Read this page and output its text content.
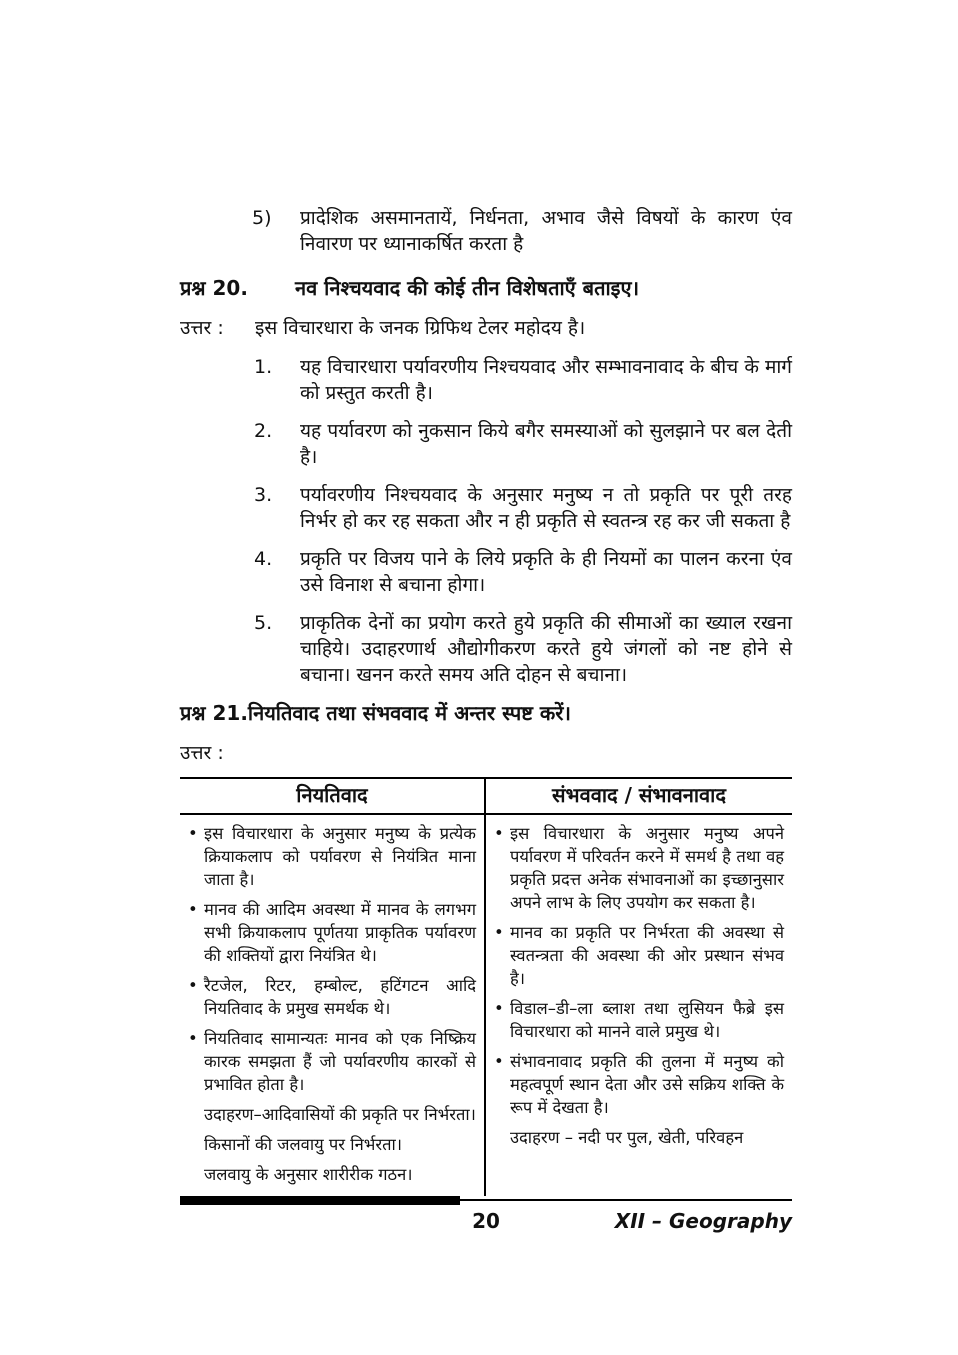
5) प्रादेशिक असमानतायें, निर्धनता, अभाव जैसे विषयों के कारण एंव निवारण पर ध्यानाकर्षित करता है
प्रश्न 20. नव निश्चयवाद की कोई तीन विशेषताएँ बताइए।
उत्तर : इस विचारधारा के जनक ग्रिफिथ टेलर महोदय है।
1. यह विचारधारा पर्यावरणीय निश्चयवाद और सम्भावनावाद के बीच के मार्ग को प्रस्तुत करती है।
2. यह पर्यावरण को नुकसान किये बगैर समस्याओं को सुलझाने पर बल देती है।
3. पर्यावरणीय निश्चयवाद के अनुसार मनुष्य न तो प्रकृति पर पूरी तरह निर्भर हो कर रह सकता और न ही प्रकृति से स्वतन्त्र रह कर जी सकता है
4. प्रकृति पर विजय पाने के लिये प्रकृति के ही नियमों का पालन करना एंव उसे विनाश से बचाना होगा।
5. प्राकृतिक देनों का प्रयोग करते हुये प्रकृति की सीमाओं का ख्याल रखना चाहिये। उदाहरणार्थ औद्योगीकरण करते हुये जंगलों को नष्ट होने से बचाना। खनन करते समय अति दोहन से बचाना।
प्रश्न 21.नियतिवाद तथा संभववाद में अन्तर स्पष्ट करें।
उत्तर :
नियतिवाद	संभववाद / संभावनावाद
• इस विचारधारा के अनुसार मनुष्य के प्रत्येक क्रियाकलाप को पर्यावरण से नियंत्रित माना जाता है।
• मानव की आदिम अवस्था में मानव के लगभग सभी क्रियाकलाप पूर्णतया प्राकृतिक पर्यावरण की शक्तियों द्वारा नियंत्रित थे।
• रैटजेल, रिटर, हम्बोल्ट, हटिंगटन आदि नियतिवाद के प्रमुख समर्थक थे।
• नियतिवाद सामान्यतः मानव को एक निष्क्रिय कारक समझता हैं जो पर्यावरणीय कारकों से प्रभावित होता है।
उदाहरण–आदिवासियों की प्रकृति पर निर्भरता।
किसानों की जलवायु पर निर्भरता।
जलवायु के अनुसार शारीरीक गठन।
• इस विचारधारा के अनुसार मनुष्य अपने पर्यावरण में परिवर्तन करने में समर्थ है तथा वह प्रकृति प्रदत्त अनेक संभावनाओं का इच्छानुसार अपने लाभ के लिए उपयोग कर सकता है।
• मानव का प्रकृति पर निर्भरता की अवस्था से स्वतन्त्रता की अवस्था की ओर प्रस्थान संभव है।
• विडाल–डी–ला ब्लाश तथा लुसियन फैब्रे इस विचारधारा को मानने वाले प्रमुख थे।
• संभावनावाद प्रकृति की तुलना में मनुष्य को महत्वपूर्ण स्थान देता और उसे सक्रिय शक्ति के रूप में देखता है।
उदाहरण – नदी पर पुल, खेती, परिवहन
20	XII – Geography
